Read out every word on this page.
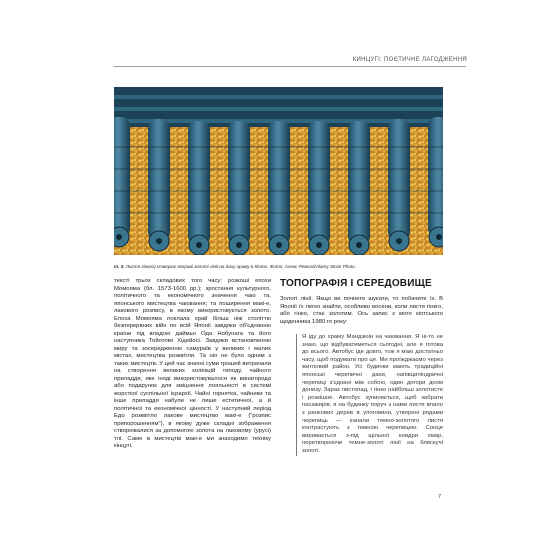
КИНЦУГІ: ПОЄТИЧНЕ ЛАГОДЖЕННЯ
Іл. 3. Листя гінкго) створює яскраві золоті лінії на даху храму в Кіото. Фото: Алекс Ремсей/Alamy Stock Photo.
тексті трьох складових того часу: розкоші епохи Момояма (бл. 1573-1600 рр.); зростання культурного, політичного та економічного значення чаю та, японського мистецтва чаювання; та поширення макі-е, лакового розпису, в якому використовується золото. Епоха Момояма поклала край більш ніж століттю безперервних війн по всій Японії завдяки об'єднанню країни під владою даймьо Ода Нобунага та його наступника Тойотомі Хідейосі. Завдяки встановленню миру та зосередженню самураїв у великих і малих містах, мистецтва розквітли. Та ніо не було одним з таких мистецтв. У цей час значні суми грошей витрачали на створення великих колекцій типоду, чайного приладдя, яке іноді використовувалося як винагорода або подарунок для зміцнення лояльності в системі жорсткої суспільної ієрархії. Чайні горнятка, чайники та інше приладдя набули не лише естетичної, а й політичної та економічної цінності. У наступний період Едо розквітло лакове мистецтво макі-е ("розпис припорошенням"), в якому дуже складні зображення створювалися за допомогою золота на лаковому (урусі) тлі. Саме в мистецтві макі-е ми знаходимо техніку кінцугі.
ТОПОГРАФІЯ І СЕРЕДОВИЩЕ
Золоті лінії. Якщо ви почнете шукати, то побачите їх. В Японії їх легко знайти, особливо восени, коли листя гінкго, або гінко, стає золотим. Ось запис з мого кіотського щоденника 1980 го року:
Я іду до храму Мандзюін на чаювання. Я ні-то не знаю, що відбуватиметься сьогодні, але я готова до всього. Автобус іде довго, тож я маю достатньо часу, щоб подумати про це. Ми проїжджаємо через житловий район. Усі будинки мають традиційні японські черепичні дахи, напівциліндричні черепиці з'єднані між собою, один догори дном донизу. Зараз листопад, і гінко найбільш золотисте і розкішне. Автобус зупиняється, щоб забрати пасажирів, я на будинку поруч з нами листя впало з ранкових дерев в улоговини, утворені рядами черепиць — канали темно-золотого листя контрастують з темною черепицею. Сонце виривається з-під щільної ковдри хмар, перетворюючи темне-золоті лінії на блискучі золоті.
7
